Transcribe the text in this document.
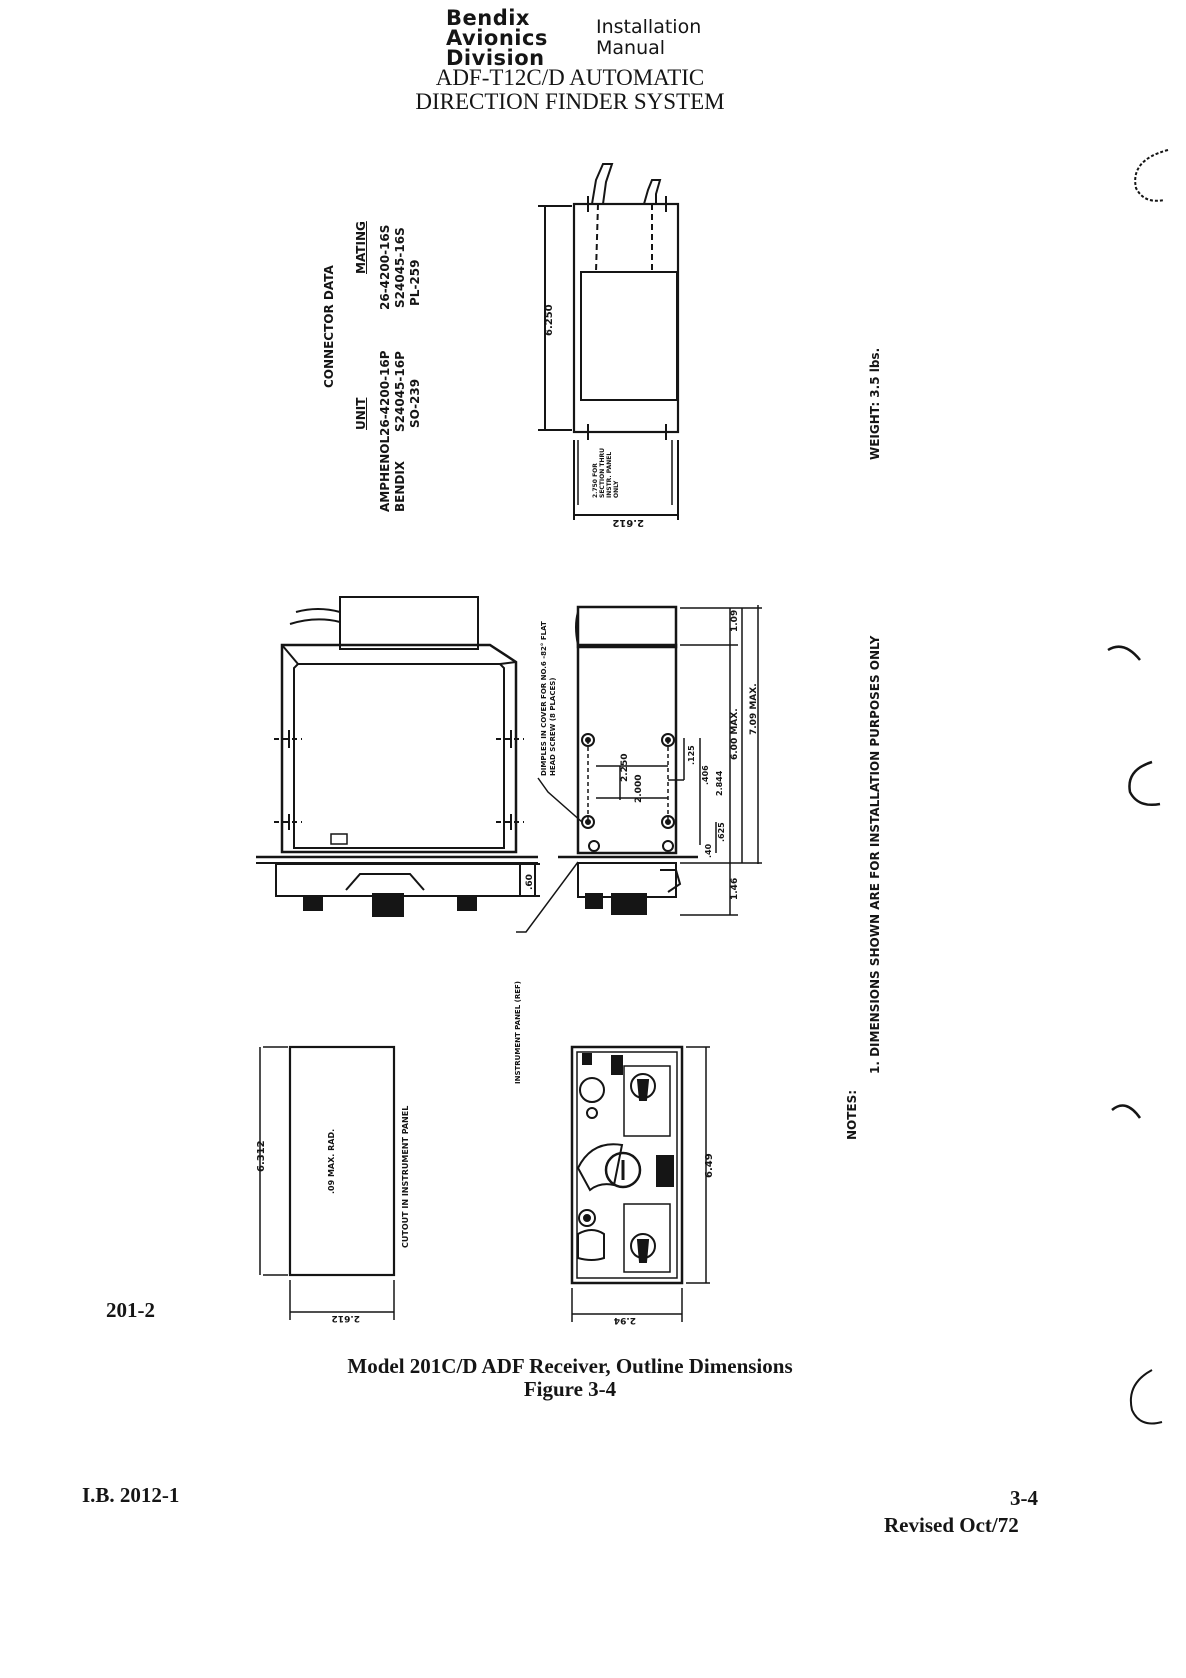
Bendix
Avionics
Division
Installation
Manual
ADF-T12C/D AUTOMATIC
DIRECTION FINDER SYSTEM
6.250
2.612
.60
1.09
6.00 MAX. 7.09 MAX.
2.250
2.000
.125
.406 2.844
.625
.40
1.46
6.312
2.612
6.49
2.94
CONNECTOR DATA
UNIT
MATING
AMPHENOL BENDIX
26-4200-16P S24045-16P SO-239
26-4200-16S S24045-16S PL-259
2.750 FOR SECTION THRU INSTR. PANEL ONLY
DIMPLES IN COVER FOR NO.6 -82° FLAT HEAD SCREW (8 PLACES)
INSTRUMENT PANEL (REF)
CUTOUT IN INSTRUMENT PANEL
.09 MAX. RAD.
WEIGHT: 3.5 lbs.
NOTES:
1. DIMENSIONS SHOWN ARE FOR INSTALLATION PURPOSES ONLY
201-2
Model 201C/D ADF Receiver, Outline Dimensions
Figure 3-4
I.B. 2012-1	3-4
Revised Oct/72
